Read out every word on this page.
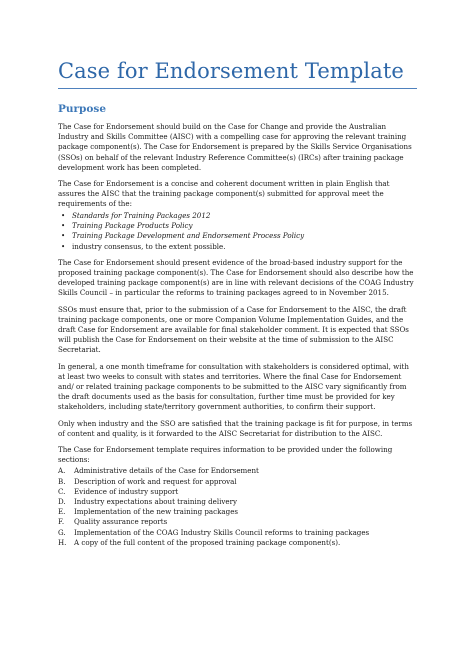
Case for Endorsement Template
Purpose

The Case for Endorsement should build on the Case for Change and provide the Australian Industry and Skills Committee (AISC) with a compelling case for approving the relevant training package component(s). The Case for Endorsement is prepared by the Skills Service Organisations (SSOs) on behalf of the relevant Industry Reference Committee(s) (IRCs) after training package development work has been completed.

The Case for Endorsement is a concise and coherent document written in plain English that assures the AISC that the training package component(s) submitted for approval meet the requirements of the:

• Standards for Training Packages 2012
• Training Package Products Policy
• Training Package Development and Endorsement Process Policy
• industry consensus, to the extent possible.

The Case for Endorsement should present evidence of the broad-based industry support for the proposed training package component(s). The Case for Endorsement should also describe how the developed training package component(s) are in line with relevant decisions of the COAG Industry Skills Council – in particular the reforms to training packages agreed to in November 2015.

SSOs must ensure that, prior to the submission of a Case for Endorsement to the AISC, the draft training package components, one or more Companion Volume Implementation Guides, and the draft Case for Endorsement are available for final stakeholder comment. It is expected that SSOs will publish the Case for Endorsement on their website at the time of submission to the AISC Secretariat.

In general, a one month timeframe for consultation with stakeholders is considered optimal, with at least two weeks to consult with states and territories. Where the final Case for Endorsement and/ or related training package components to be submitted to the AISC vary significantly from the draft documents used as the basis for consultation, further time must be provided for key stakeholders, including state/territory government authorities, to confirm their support.

Only when industry and the SSO are satisfied that the training package is fit for purpose, in terms of content and quality, is it forwarded to the AISC Secretariat for distribution to the AISC.

The Case for Endorsement template requires information to be provided under the following sections:

A. Administrative details of the Case for Endorsement
B. Description of work and request for approval
C. Evidence of industry support
D. Industry expectations about training delivery
E. Implementation of the new training packages
F. Quality assurance reports
G. Implementation of the COAG Industry Skills Council reforms to training packages
H. A copy of the full content of the proposed training package component(s).
